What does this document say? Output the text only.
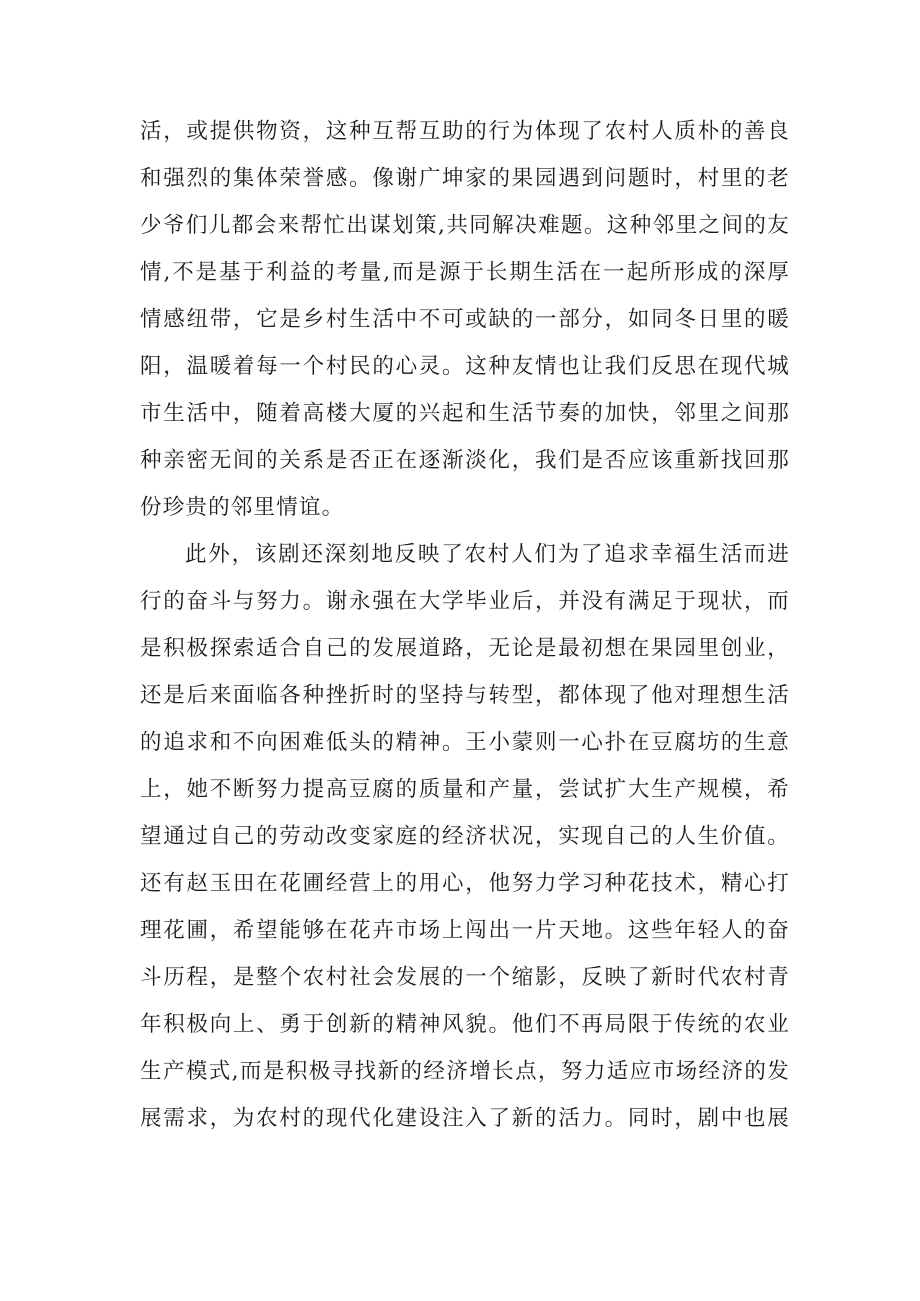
活，或提供物资，这种互帮互助的行为体现了农村人质朴的善良
和强烈的集体荣誉感。像谢广坤家的果园遇到问题时，村里的老
少爷们儿都会来帮忙出谋划策,共同解决难题。这种邻里之间的友
情,不是基于利益的考量,而是源于长期生活在一起所形成的深厚
情感纽带，它是乡村生活中不可或缺的一部分，如同冬日里的暖
阳，温暖着每一个村民的心灵。这种友情也让我们反思在现代城
市生活中，随着高楼大厦的兴起和生活节奏的加快，邻里之间那
种亲密无间的关系是否正在逐渐淡化，我们是否应该重新找回那
份珍贵的邻里情谊。
此外，该剧还深刻地反映了农村人们为了追求幸福生活而进
行的奋斗与努力。谢永强在大学毕业后，并没有满足于现状，而
是积极探索适合自己的发展道路，无论是最初想在果园里创业，
还是后来面临各种挫折时的坚持与转型，都体现了他对理想生活
的追求和不向困难低头的精神。王小蒙则一心扑在豆腐坊的生意
上，她不断努力提高豆腐的质量和产量，尝试扩大生产规模，希
望通过自己的劳动改变家庭的经济状况，实现自己的人生价值。
还有赵玉田在花圃经营上的用心，他努力学习种花技术，精心打
理花圃，希望能够在花卉市场上闯出一片天地。这些年轻人的奋
斗历程，是整个农村社会发展的一个缩影，反映了新时代农村青
年积极向上、勇于创新的精神风貌。他们不再局限于传统的农业
生产模式,而是积极寻找新的经济增长点，努力适应市场经济的发
展需求，为农村的现代化建设注入了新的活力。同时，剧中也展
